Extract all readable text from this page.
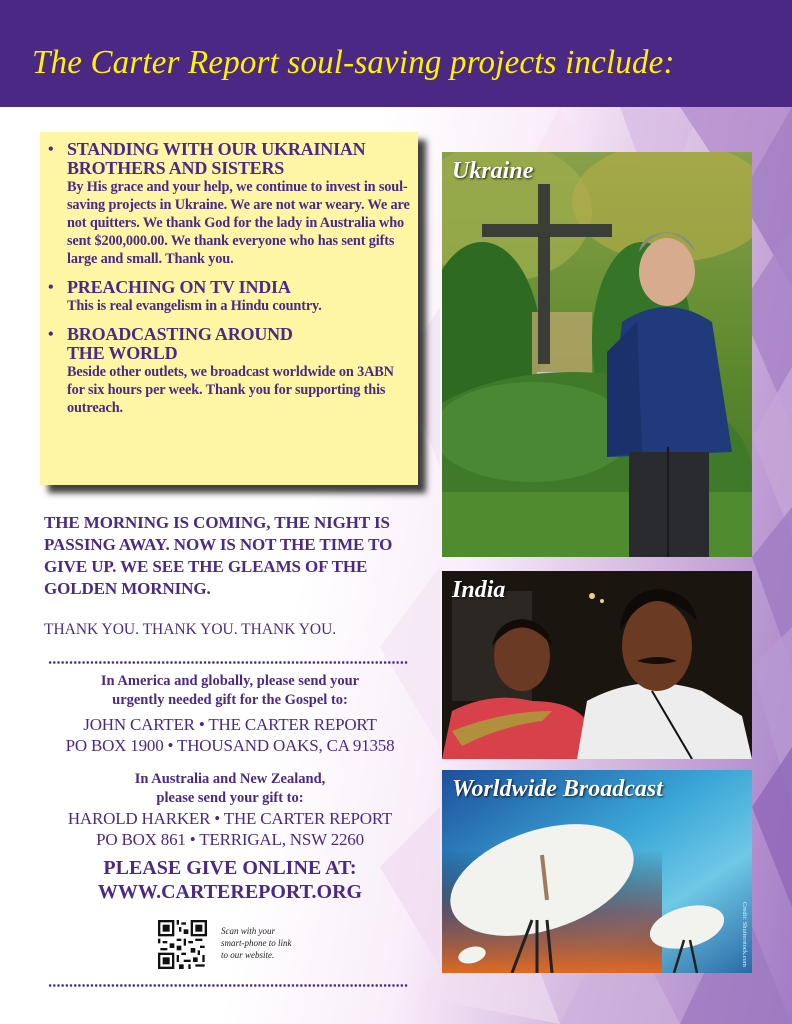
The Carter Report soul-saving projects include:
• STANDING WITH OUR UKRAINIAN
BROTHERS AND SISTERS
By His grace and your help, we continue to invest in soul-saving projects in Ukraine. We are not war weary. We are not quitters. We thank God for the lady in Australia who sent $200,000.00. We thank everyone who has sent gifts large and small. Thank you.
• PREACHING ON TV INDIA
This is real evangelism in a Hindu country.
• BROADCASTING AROUND
THE WORLD
Beside other outlets, we broadcast worldwide on 3ABN for six hours per week. Thank you for supporting this outreach.
THE MORNING IS COMING, THE NIGHT IS PASSING AWAY. NOW IS NOT THE TIME TO GIVE UP. WE SEE THE GLEAMS OF THE GOLDEN MORNING.
THANK YOU. THANK YOU. THANK YOU.
In America and globally, please send your
urgently needed gift for the Gospel to:
JOHN CARTER • THE CARTER REPORT
PO BOX 1900 • THOUSAND OAKS, CA 91358
In Australia and New Zealand,
please send your gift to:
HAROLD HARKER • THE CARTER REPORT
PO BOX 861 • TERRIGAL, NSW 2260
PLEASE GIVE ONLINE AT:
WWW.CARTEREPORT.ORG
Scan with your
smart-phone to link
to our website.
Ukraine
India
Worldwide Broadcast
Credit: Shutterstock.com
